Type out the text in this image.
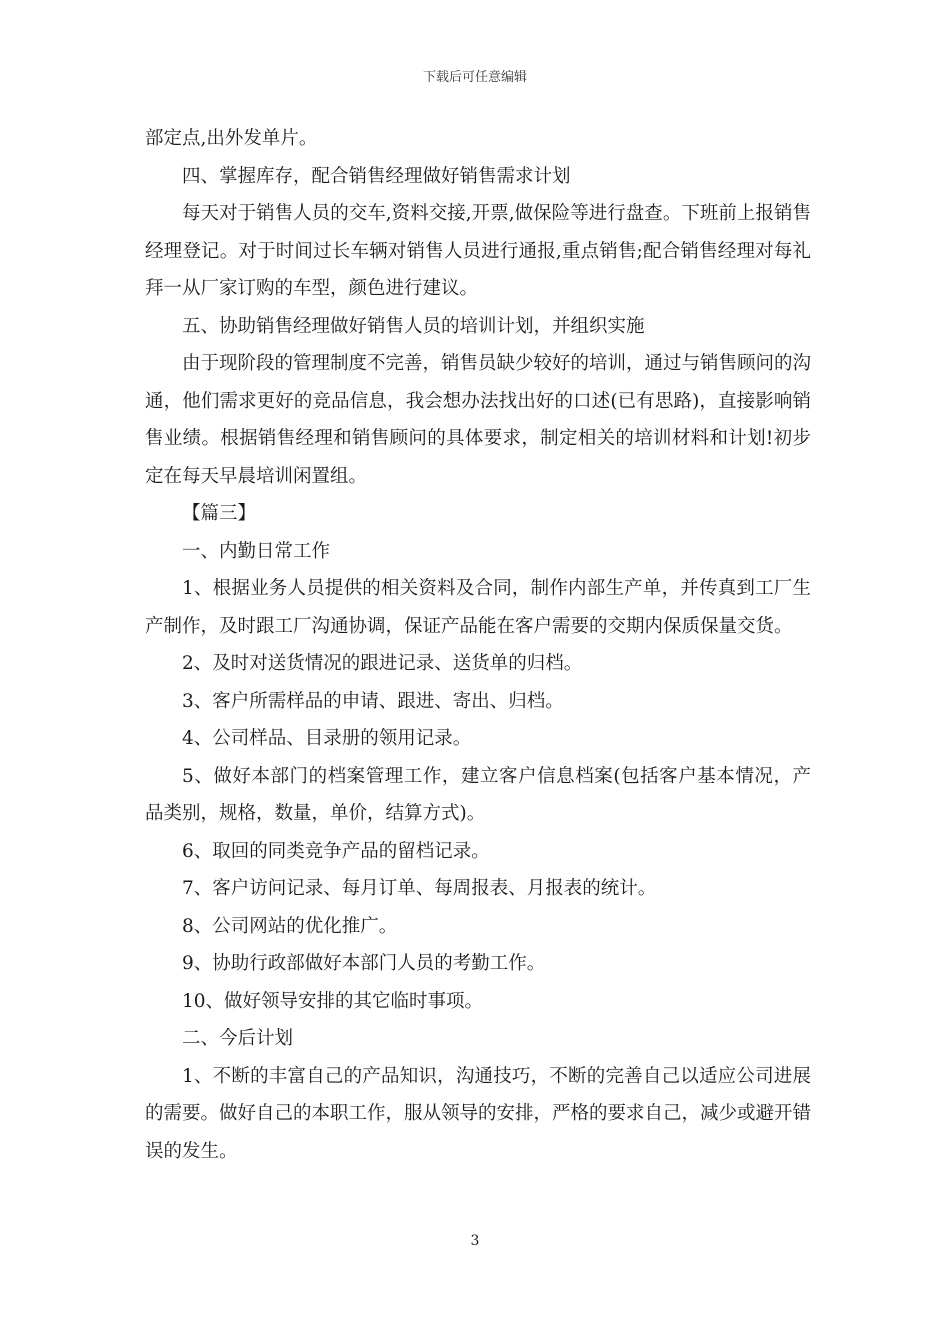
下载后可任意编辑

部定点,出外发单片。

四、掌握库存，配合销售经理做好销售需求计划

每天对于销售人员的交车,资料交接,开票,做保险等进行盘查。下班前上报销售经理登记。对于时间过长车辆对销售人员进行通报,重点销售;配合销售经理对每礼拜一从厂家订购的车型，颜色进行建议。

五、协助销售经理做好销售人员的培训计划，并组织实施

由于现阶段的管理制度不完善，销售员缺少较好的培训，通过与销售顾问的沟通，他们需求更好的竞品信息，我会想办法找出好的口述(已有思路)，直接影响销售业绩。根据销售经理和销售顾问的具体要求，制定相关的培训材料和计划!初步定在每天早晨培训闲置组。

【篇三】

一、内勤日常工作

1、根据业务人员提供的相关资料及合同，制作内部生产单，并传真到工厂生产制作，及时跟工厂沟通协调，保证产品能在客户需要的交期内保质保量交货。

2、及时对送货情况的跟进记录、送货单的归档。

3、客户所需样品的申请、跟进、寄出、归档。

4、公司样品、目录册的领用记录。

5、做好本部门的档案管理工作，建立客户信息档案(包括客户基本情况，产品类别，规格，数量，单价，结算方式)。

6、取回的同类竞争产品的留档记录。

7、客户访问记录、每月订单、每周报表、月报表的统计。

8、公司网站的优化推广。

9、协助行政部做好本部门人员的考勤工作。

10、做好领导安排的其它临时事项。

二、今后计划

1、不断的丰富自己的产品知识，沟通技巧，不断的完善自己以适应公司进展的需要。做好自己的本职工作，服从领导的安排，严格的要求自己，减少或避开错误的发生。

3
